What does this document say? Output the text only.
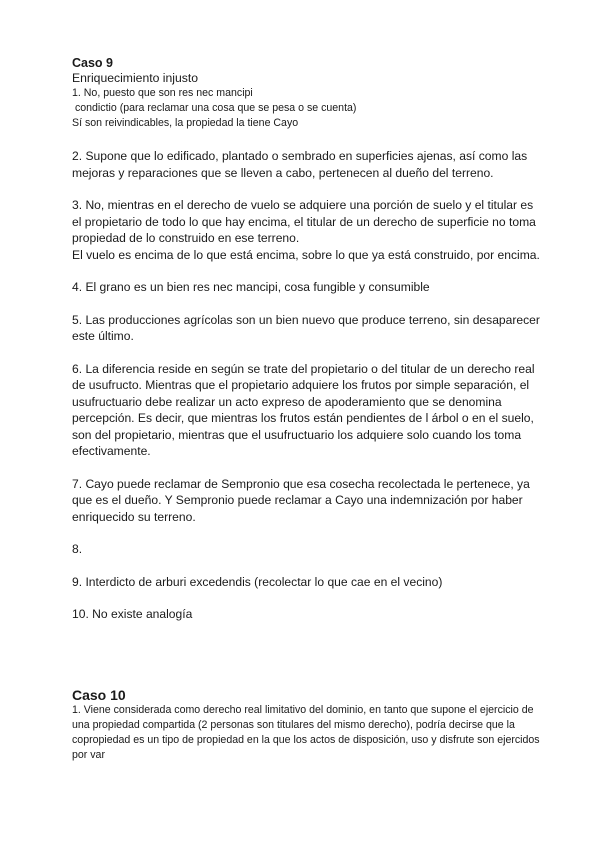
Caso 9

Enriquecimiento injusto

1. No, puesto que son res nec mancipi

condictio (para reclamar una cosa que se pesa o se cuenta)

Sí son reivindicables, la propiedad la tiene Cayo

2. Supone que lo edificado, plantado o sembrado en superficies ajenas, así como las mejoras y reparaciones que se lleven a cabo, pertenecen al dueño del terreno.

3. No, mientras en el derecho de vuelo se adquiere una porción de suelo y el titular es el propietario de todo lo que hay encima, el titular de un derecho de superficie no toma propiedad de lo construido en ese terreno.

El vuelo es encima de lo que está encima, sobre lo que ya está construido, por encima.

4. El grano es un bien res nec mancipi, cosa fungible y consumible

5. Las producciones agrícolas son un bien nuevo que produce terreno, sin desaparecer este último.

6. La diferencia reside en según se trate del propietario o del titular de un derecho real de usufructo. Mientras que el propietario adquiere los frutos por simple separación, el usufructuario debe realizar un acto expreso de apoderamiento que se denomina percepción. Es decir, que mientras los frutos están pendientes de l árbol o en el suelo, son del propietario, mientras que el usufructuario los adquiere solo cuando los toma efectivamente.

7. Cayo puede reclamar de Sempronio que esa cosecha recolectada le pertenece, ya que es el dueño. Y Sempronio puede reclamar a Cayo una indemnización por haber enriquecido su terreno.

8.

9. Interdicto de arburi excedendis (recolectar lo que cae en el vecino)

10. No existe analogía

Caso 10

1. Viene considerada como derecho real limitativo del dominio, en tanto que supone el ejercicio de una propiedad compartida (2 personas son titulares del mismo derecho), podría decirse que la copropiedad es un tipo de propiedad en la que los actos de disposición, uso y disfrute son ejercidos por var
